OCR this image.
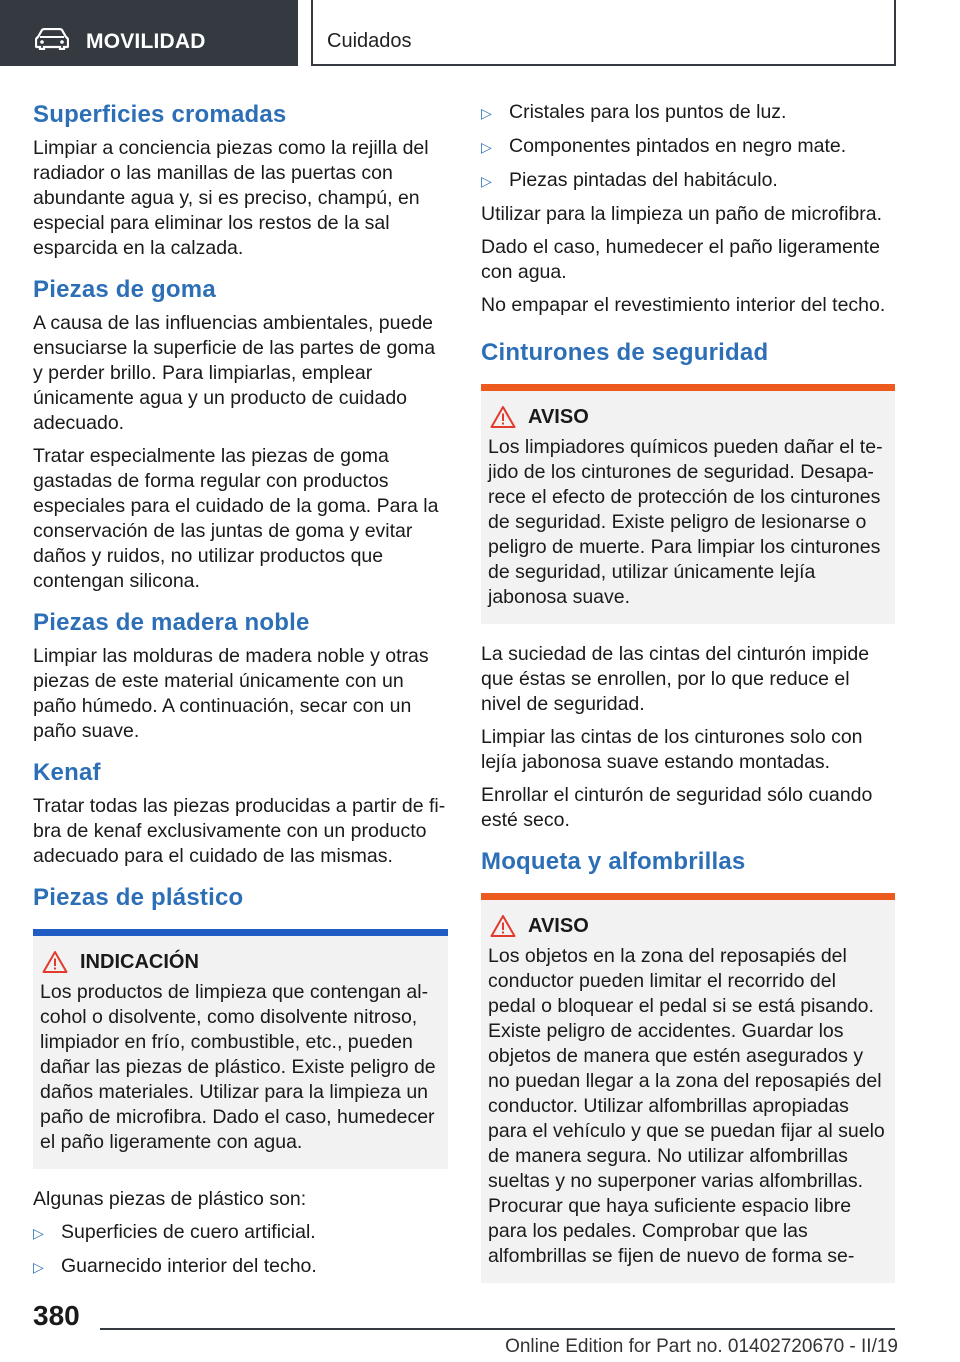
MOVILIDAD	Cuidados
Superficies cromadas

Limpiar a conciencia piezas como la rejilla del radiador o las manillas de las puertas con abundante agua y, si es preciso, champú, en especial para eliminar los restos de la sal esparcida en la calzada.

Piezas de goma

A causa de las influencias ambientales, puede ensuciarse la superficie de las partes de goma y perder brillo. Para limpiarlas, emplear únicamente agua y un producto de cuidado adecuado.

Tratar especialmente las piezas de goma gastadas de forma regular con productos especiales para el cuidado de la goma. Para la conservación de las juntas de goma y evitar daños y ruidos, no utilizar productos que contengan silicona.

Piezas de madera noble

Limpiar las molduras de madera noble y otras piezas de este material únicamente con un paño húmedo. A continuación, secar con un paño suave.

Kenaf

Tratar todas las piezas producidas a partir de fibra de kenaf exclusivamente con un producto adecuado para el cuidado de las mismas.

Piezas de plástico
INDICACIÓN

Los productos de limpieza que contengan alcohol o disolvente, como disolvente nitroso, limpiador en frío, combustible, etc., pueden dañar las piezas de plástico. Existe peligro de daños materiales. Utilizar para la limpieza un paño de microfibra. Dado el caso, humedecer el paño ligeramente con agua.

Algunas piezas de plástico son:

▷ Superficies de cuero artificial.
▷ Guarnecido interior del techo.
▷ Cristales para los puntos de luz.
▷ Componentes pintados en negro mate.
▷ Piezas pintadas del habitáculo.

Utilizar para la limpieza un paño de microfibra.

Dado el caso, humedecer el paño ligeramente con agua.

No empapar el revestimiento interior del techo.

Cinturones de seguridad
AVISO

Los limpiadores químicos pueden dañar el tejido de los cinturones de seguridad. Desaparece el efecto de protección de los cinturones de seguridad. Existe peligro de lesionarse o peligro de muerte. Para limpiar los cinturones de seguridad, utilizar únicamente lejía jabonosa suave.

La suciedad de las cintas del cinturón impide que éstas se enrollen, por lo que reduce el nivel de seguridad.

Limpiar las cintas de los cinturones solo con lejía jabonosa suave estando montadas.

Enrollar el cinturón de seguridad sólo cuando esté seco.

Moqueta y alfombrillas
AVISO

Los objetos en la zona del reposapiés del conductor pueden limitar el recorrido del pedal o bloquear el pedal si se está pisando. Existe peligro de accidentes. Guardar los objetos de manera que estén asegurados y no puedan llegar a la zona del reposapiés del conductor. Utilizar alfombrillas apropiadas para el vehículo y que se puedan fijar al suelo de manera segura. No utilizar alfombrillas sueltas y no superponer varias alfombrillas. Procurar que haya suficiente espacio libre para los pedales. Comprobar que las alfombrillas se fijen de nuevo de forma se-

380
Online Edition for Part no. 01402720670 - II/19
